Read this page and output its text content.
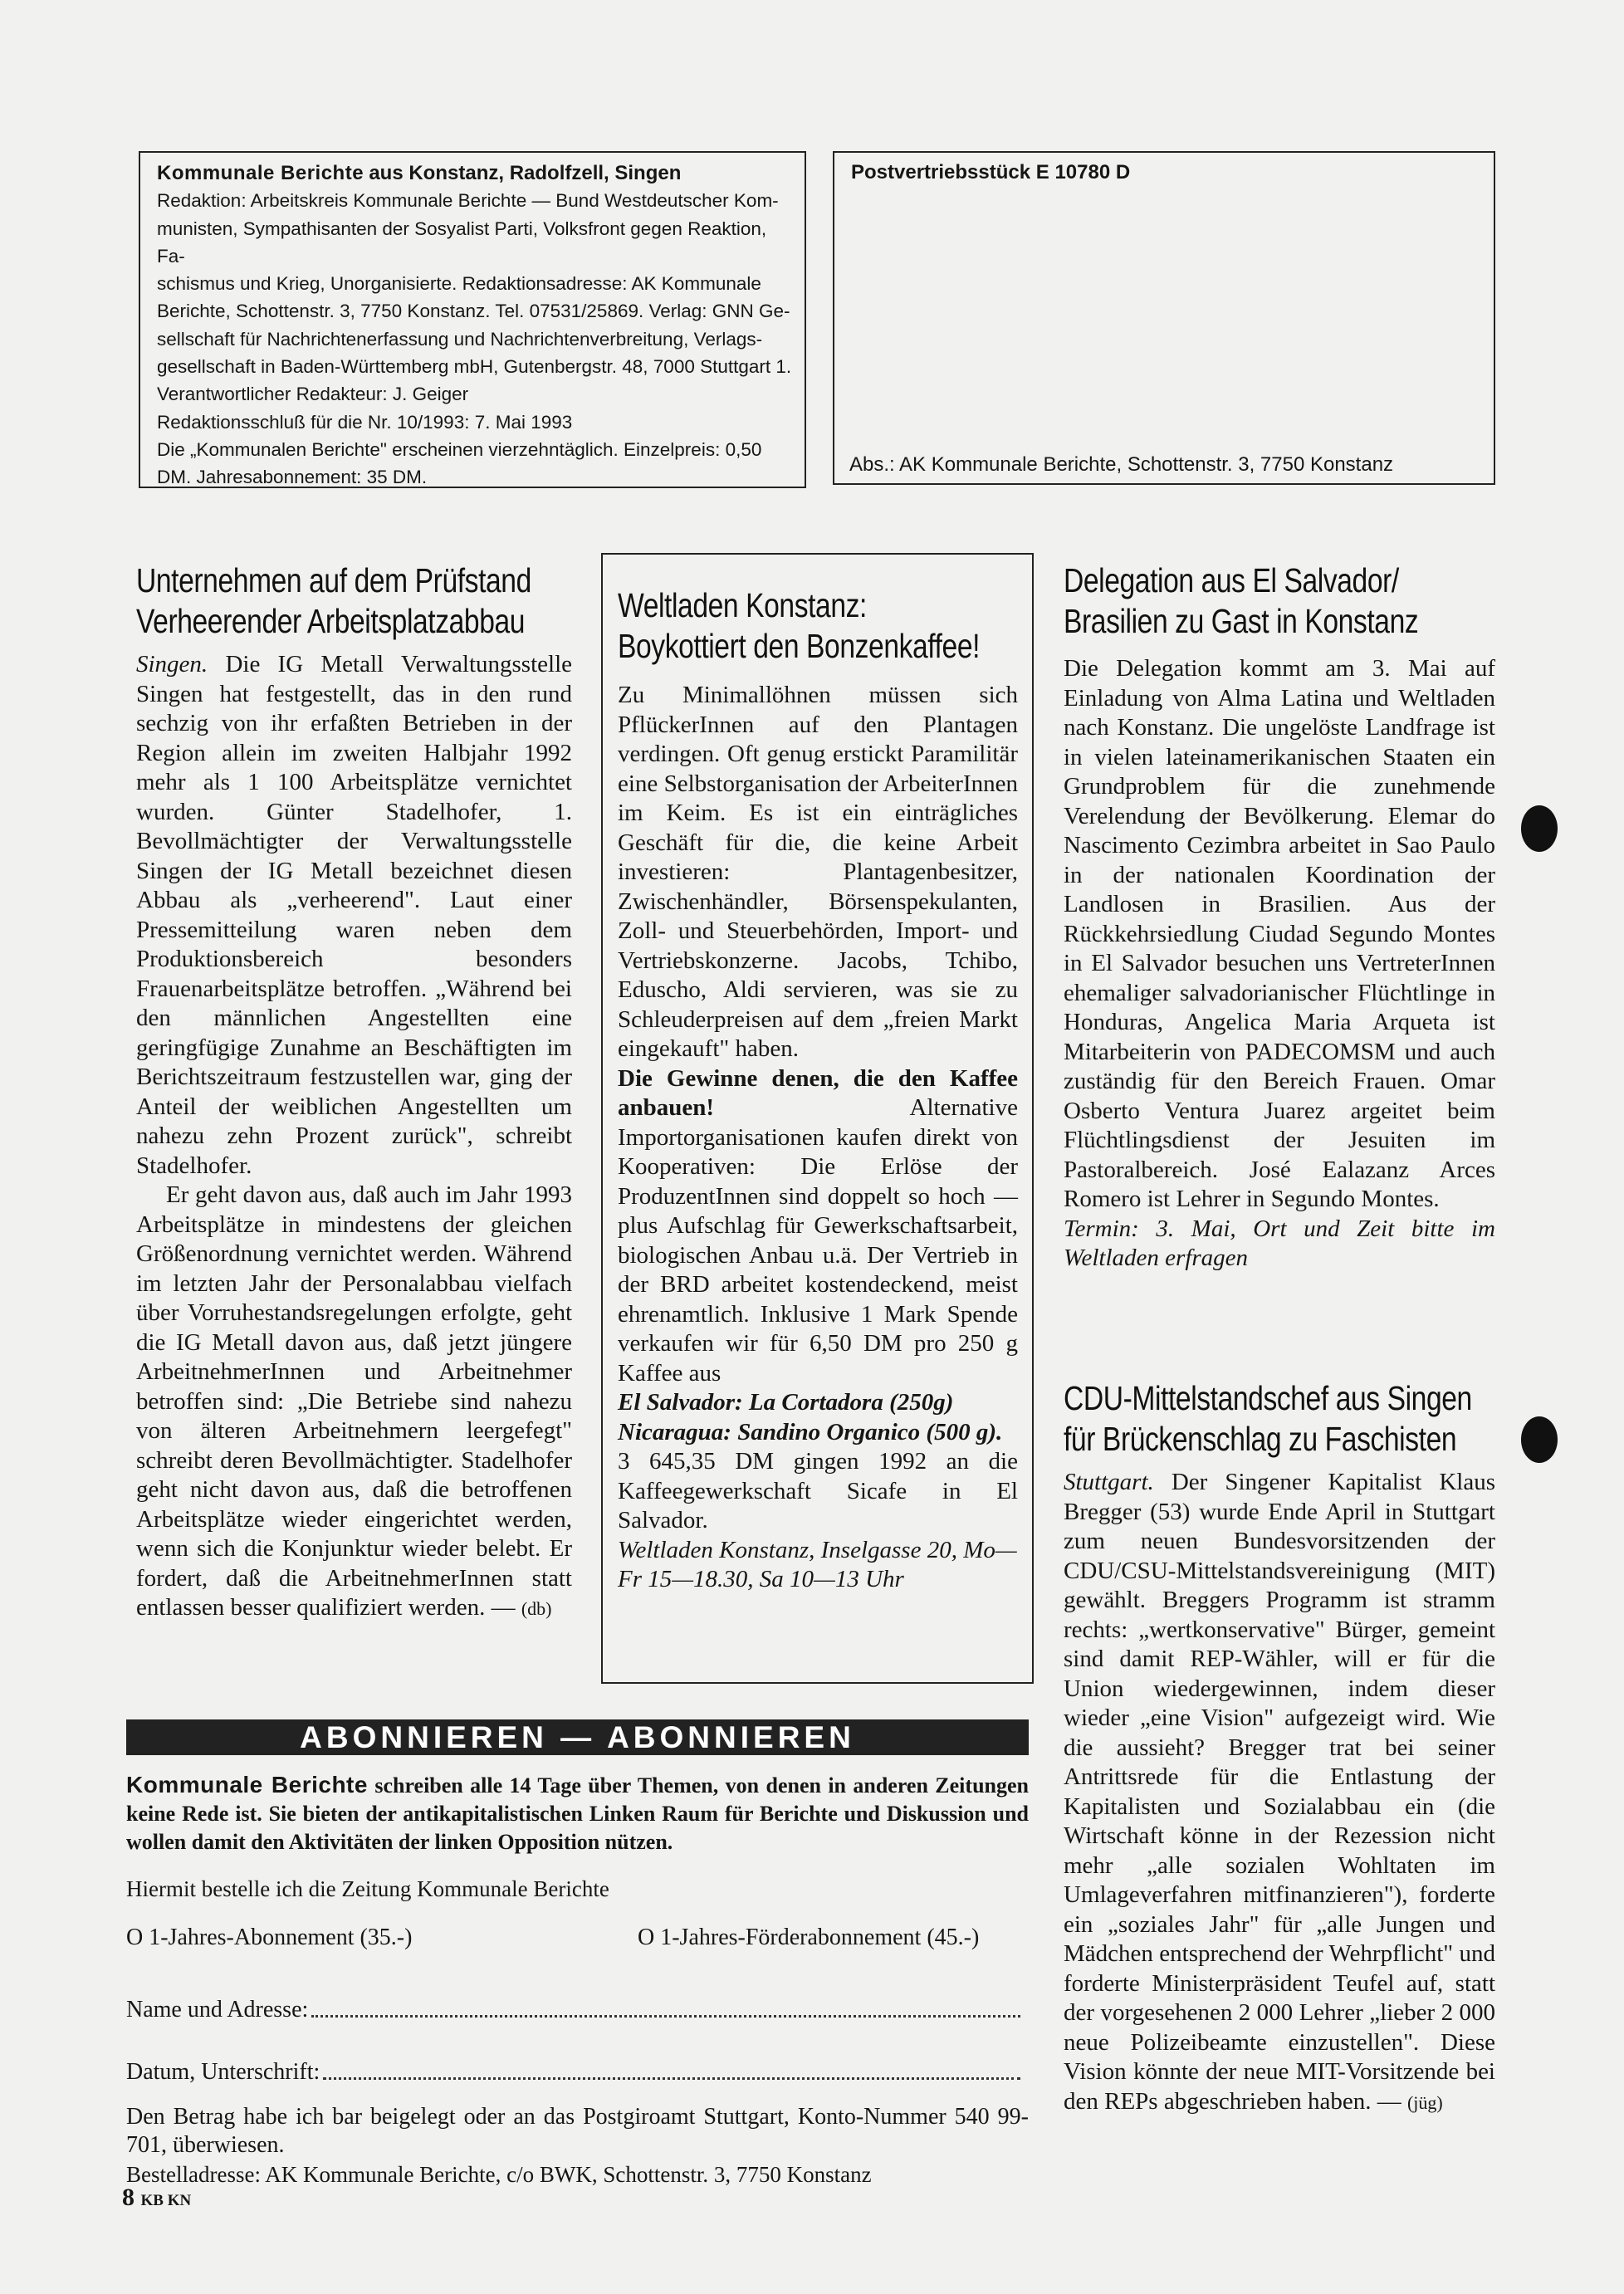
Kommunale Berichte aus Konstanz, Radolfzell, Singen

Redaktion: Arbeitskreis Kommunale Berichte — Bund Westdeutscher Kom-

munisten, Sympathisanten der Sosyalist Parti, Volksfront gegen Reaktion, Fa-

schismus und Krieg, Unorganisierte. Redaktionsadresse: AK Kommunale

Berichte, Schottenstr. 3, 7750 Konstanz. Tel. 07531/25869. Verlag: GNN Ge-

sellschaft für Nachrichtenerfassung und Nachrichtenverbreitung, Verlags-

gesellschaft in Baden-Württemberg mbH, Gutenbergstr. 48, 7000 Stuttgart 1.

Verantwortlicher Redakteur: J. Geiger

Redaktionsschluß für die Nr. 10/1993: 7. Mai 1993

Die „Kommunalen Berichte" erscheinen vierzehntäglich. Einzelpreis: 0,50

DM. Jahresabonnement: 35 DM.

Postvertriebsstück E 10780 D
Abs.: AK Kommunale Berichte, Schottenstr. 3, 7750 Konstanz

Unternehmen auf dem Prüfstand

Verheerender Arbeitsplatzabbau

Singen. Die IG Metall Verwaltungsstelle Singen hat festgestellt, das in den rund sechzig von ihr erfaßten Betrieben in der Region allein im zweiten Halbjahr 1992 mehr als 1 100 Arbeitsplätze vernichtet wurden. Günter Stadelhofer, 1. Bevollmächtigter der Verwaltungsstelle Singen der IG Metall bezeichnet diesen Abbau als „verheerend". Laut einer Pressemitteilung waren neben dem Produktionsbereich besonders Frauenarbeitsplätze betroffen. „Während bei den männlichen Angestellten eine geringfügige Zunahme an Beschäftigten im Berichtszeitraum festzustellen war, ging der Anteil der weiblichen Angestellten um nahezu zehn Prozent zurück", schreibt Stadelhofer.

Er geht davon aus, daß auch im Jahr 1993 Arbeitsplätze in mindestens der gleichen Größenordnung vernichtet werden. Während im letzten Jahr der Personalabbau vielfach über Vorruhestandsregelungen erfolgte, geht die IG Metall davon aus, daß jetzt jüngere ArbeitnehmerInnen und Arbeitnehmer betroffen sind: „Die Betriebe sind nahezu von älteren Arbeitnehmern leergefegt" schreibt deren Bevollmächtigter. Stadelhofer geht nicht davon aus, daß die betroffenen Arbeitsplätze wieder eingerichtet werden, wenn sich die Konjunktur wieder belebt. Er fordert, daß die ArbeitnehmerInnen statt entlassen besser qualifiziert werden. — (db)

Weltladen Konstanz:

Boykottiert den Bonzenkaffee!

Zu Minimallöhnen müssen sich PflückerInnen auf den Plantagen verdingen. Oft genug erstickt Paramilitär eine Selbstorganisation der ArbeiterInnen im Keim. Es ist ein einträgliches Geschäft für die, die keine Arbeit investieren: Plantagenbesitzer, Zwischenhändler, Börsenspekulanten, Zoll- und Steuerbehörden, Import- und Vertriebskonzerne. Jacobs, Tchibo, Eduscho, Aldi servieren, was sie zu Schleuderpreisen auf dem „freien Markt eingekauft" haben.

Die Gewinne denen, die den Kaffee anbauen!	Alternative Importorganisationen kaufen direkt von Kooperativen: Die Erlöse der ProduzentInnen sind doppelt so hoch — plus Aufschlag für Gewerkschaftsarbeit, biologischen Anbau u.ä. Der Vertrieb in der BRD arbeitet kostendeckend, meist ehrenamtlich. Inklusive 1 Mark Spende verkaufen wir für 6,50 DM pro 250 g Kaffee aus

El Salvador: La Cortadora (250g)

Nicaragua: Sandino Organico (500 g).

3 645,35 DM gingen 1992 an die Kaffeegewerkschaft Sicafe in El Salvador.

Weltladen Konstanz, Inselgasse 20, Mo—Fr 15—18.30, Sa 10—13 Uhr

Delegation aus El Salvador/

Brasilien zu Gast in Konstanz

Die Delegation kommt am 3. Mai auf Einladung von Alma Latina und Weltladen nach Konstanz. Die ungelöste Landfrage ist in vielen lateinamerikanischen Staaten ein Grundproblem für die zunehmende Verelendung der Bevölkerung. Elemar do Nascimento Cezimbra arbeitet in Sao Paulo in der nationalen Koordination der Landlosen in Brasilien. Aus der Rückkehrsiedlung Ciudad Segundo Montes in El Salvador besuchen uns VertreterInnen ehemaliger salvadorianischer Flüchtlinge in Honduras, Angelica Maria Arqueta ist Mitarbeiterin von PADECOMSM und auch zuständig für den Bereich Frauen. Omar Osberto Ventura Juarez argeitet beim Flüchtlingsdienst der Jesuiten im Pastoralbereich. José Ealazanz Arces Romero ist Lehrer in Segundo Montes.

Termin: 3. Mai, Ort und Zeit bitte im Weltladen erfragen

CDU-Mittelstandschef aus Singen

für Brückenschlag zu Faschisten

Stuttgart. Der Singener Kapitalist Klaus Bregger (53) wurde Ende April in Stuttgart zum neuen Bundesvorsitzenden der CDU/CSU-Mittelstandsvereinigung (MIT) gewählt. Breggers Programm ist stramm rechts: „wertkonservative" Bürger, gemeint sind damit REP-Wähler, will er für die Union wiedergewinnen, indem dieser wieder „eine Vision" aufgezeigt wird. Wie die aussieht? Bregger trat bei seiner Antrittsrede für die Entlastung der Kapitalisten und Sozialabbau ein (die Wirtschaft könne in der Rezession nicht mehr „alle sozialen Wohltaten im Umlageverfahren mitfinanzieren"), forderte ein „soziales Jahr" für „alle Jungen und Mädchen entsprechend der Wehrpflicht" und forderte Ministerpräsident Teufel auf, statt der vorgesehenen 2 000 Lehrer „lieber 2 000 neue Polizeibeamte einzustellen". Diese Vision könnte der neue MIT-Vorsitzende bei den REPs abgeschrieben haben. — (jüg)

ABONNIEREN — ABONNIEREN
Kommunale Berichte schreiben alle 14 Tage über Themen, von denen in anderen Zeitungen keine Rede ist. Sie bieten der antikapitalistischen Linken Raum für Berichte und Diskussion und wollen damit den Aktivitäten der linken Opposition nützen.
Hiermit bestelle ich die Zeitung Kommunale Berichte
O 1-Jahres-Abonnement (35.-)	O 1-Jahres-Förderabonnement (45.-)
Name und Adresse:
Datum, Unterschrift:
Den Betrag habe ich bar beigelegt oder an das Postgiroamt Stuttgart, Konto-Nummer 540 99-701, überwiesen.
Bestelladresse: AK Kommunale Berichte, c/o BWK, Schottenstr. 3, 7750 Konstanz
8 KB KN
